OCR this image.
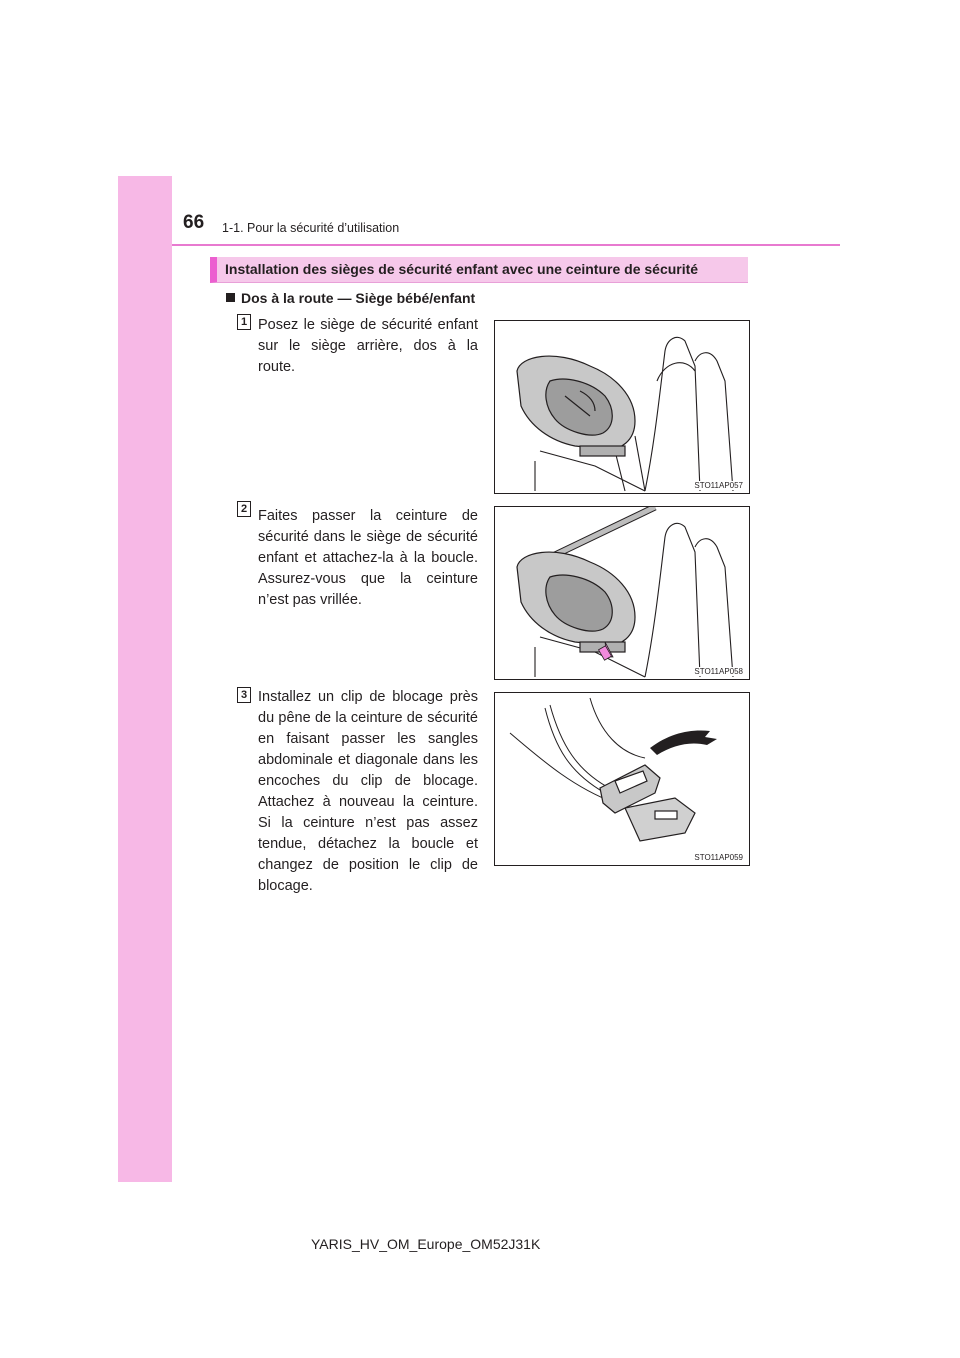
66 1-1. Pour la sécurité d’utilisation
Installation des sièges de sécurité enfant avec une ceinture de sécurité
Dos à la route — Siège bébé/enfant
1 Posez le siège de sécurité enfant sur le siège arrière, dos à la route.
STO11AP057
2 Faites passer la ceinture de sécurité dans le siège de sécurité enfant et attachez-la à la boucle. Assurez-vous que la ceinture n’est pas vrillée.
STO11AP058
3 Installez un clip de blocage près du pêne de la ceinture de sécurité en faisant passer les sangles abdominale et diagonale dans les encoches du clip de blocage. Attachez à nouveau la ceinture. Si la ceinture n’est pas assez tendue, détachez la boucle et changez de position le clip de blocage.
STO11AP059
YARIS_HV_OM_Europe_OM52J31K
